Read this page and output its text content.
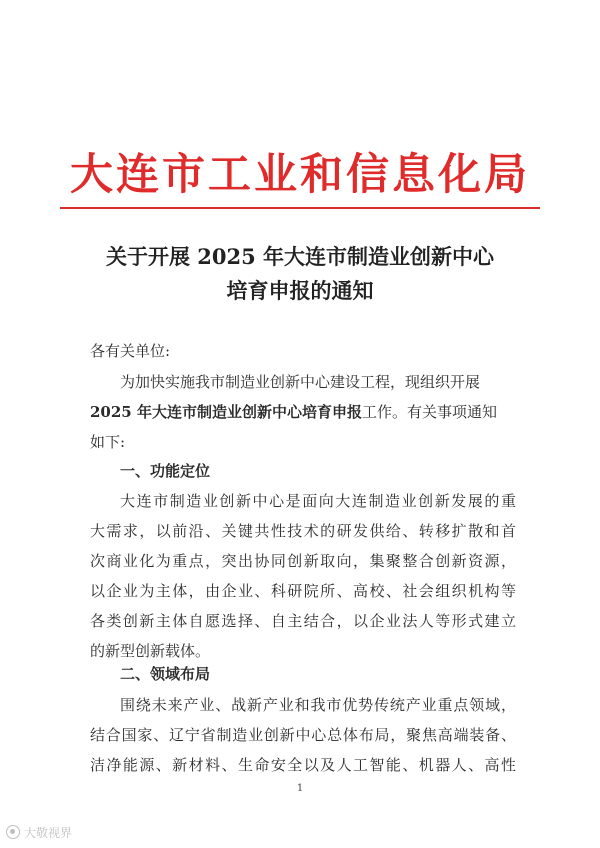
大连市工业和信息化局
关于开展 2025 年大连市制造业创新中心
培育申报的通知
各有关单位:
为加快实施我市制造业创新中心建设工程，现组织开展
2025 年大连市制造业创新中心培育申报工作。有关事项通知
如下:
一、功能定位
大连市制造业创新中心是面向大连制造业创新发展的重
大需求，以前沿、关键共性技术的研发供给、转移扩散和首
次商业化为重点，突出协同创新取向，集聚整合创新资源，
以企业为主体，由企业、科研院所、高校、社会组织机构等
各类创新主体自愿选择、自主结合，以企业法人等形式建立
的新型创新载体。
二、领域布局
围绕未来产业、战新产业和我市优势传统产业重点领域，
结合国家、辽宁省制造业创新中心总体布局，聚焦高端装备、
洁净能源、新材料、生命安全以及人工智能、机器人、高性
1
大敬视界
